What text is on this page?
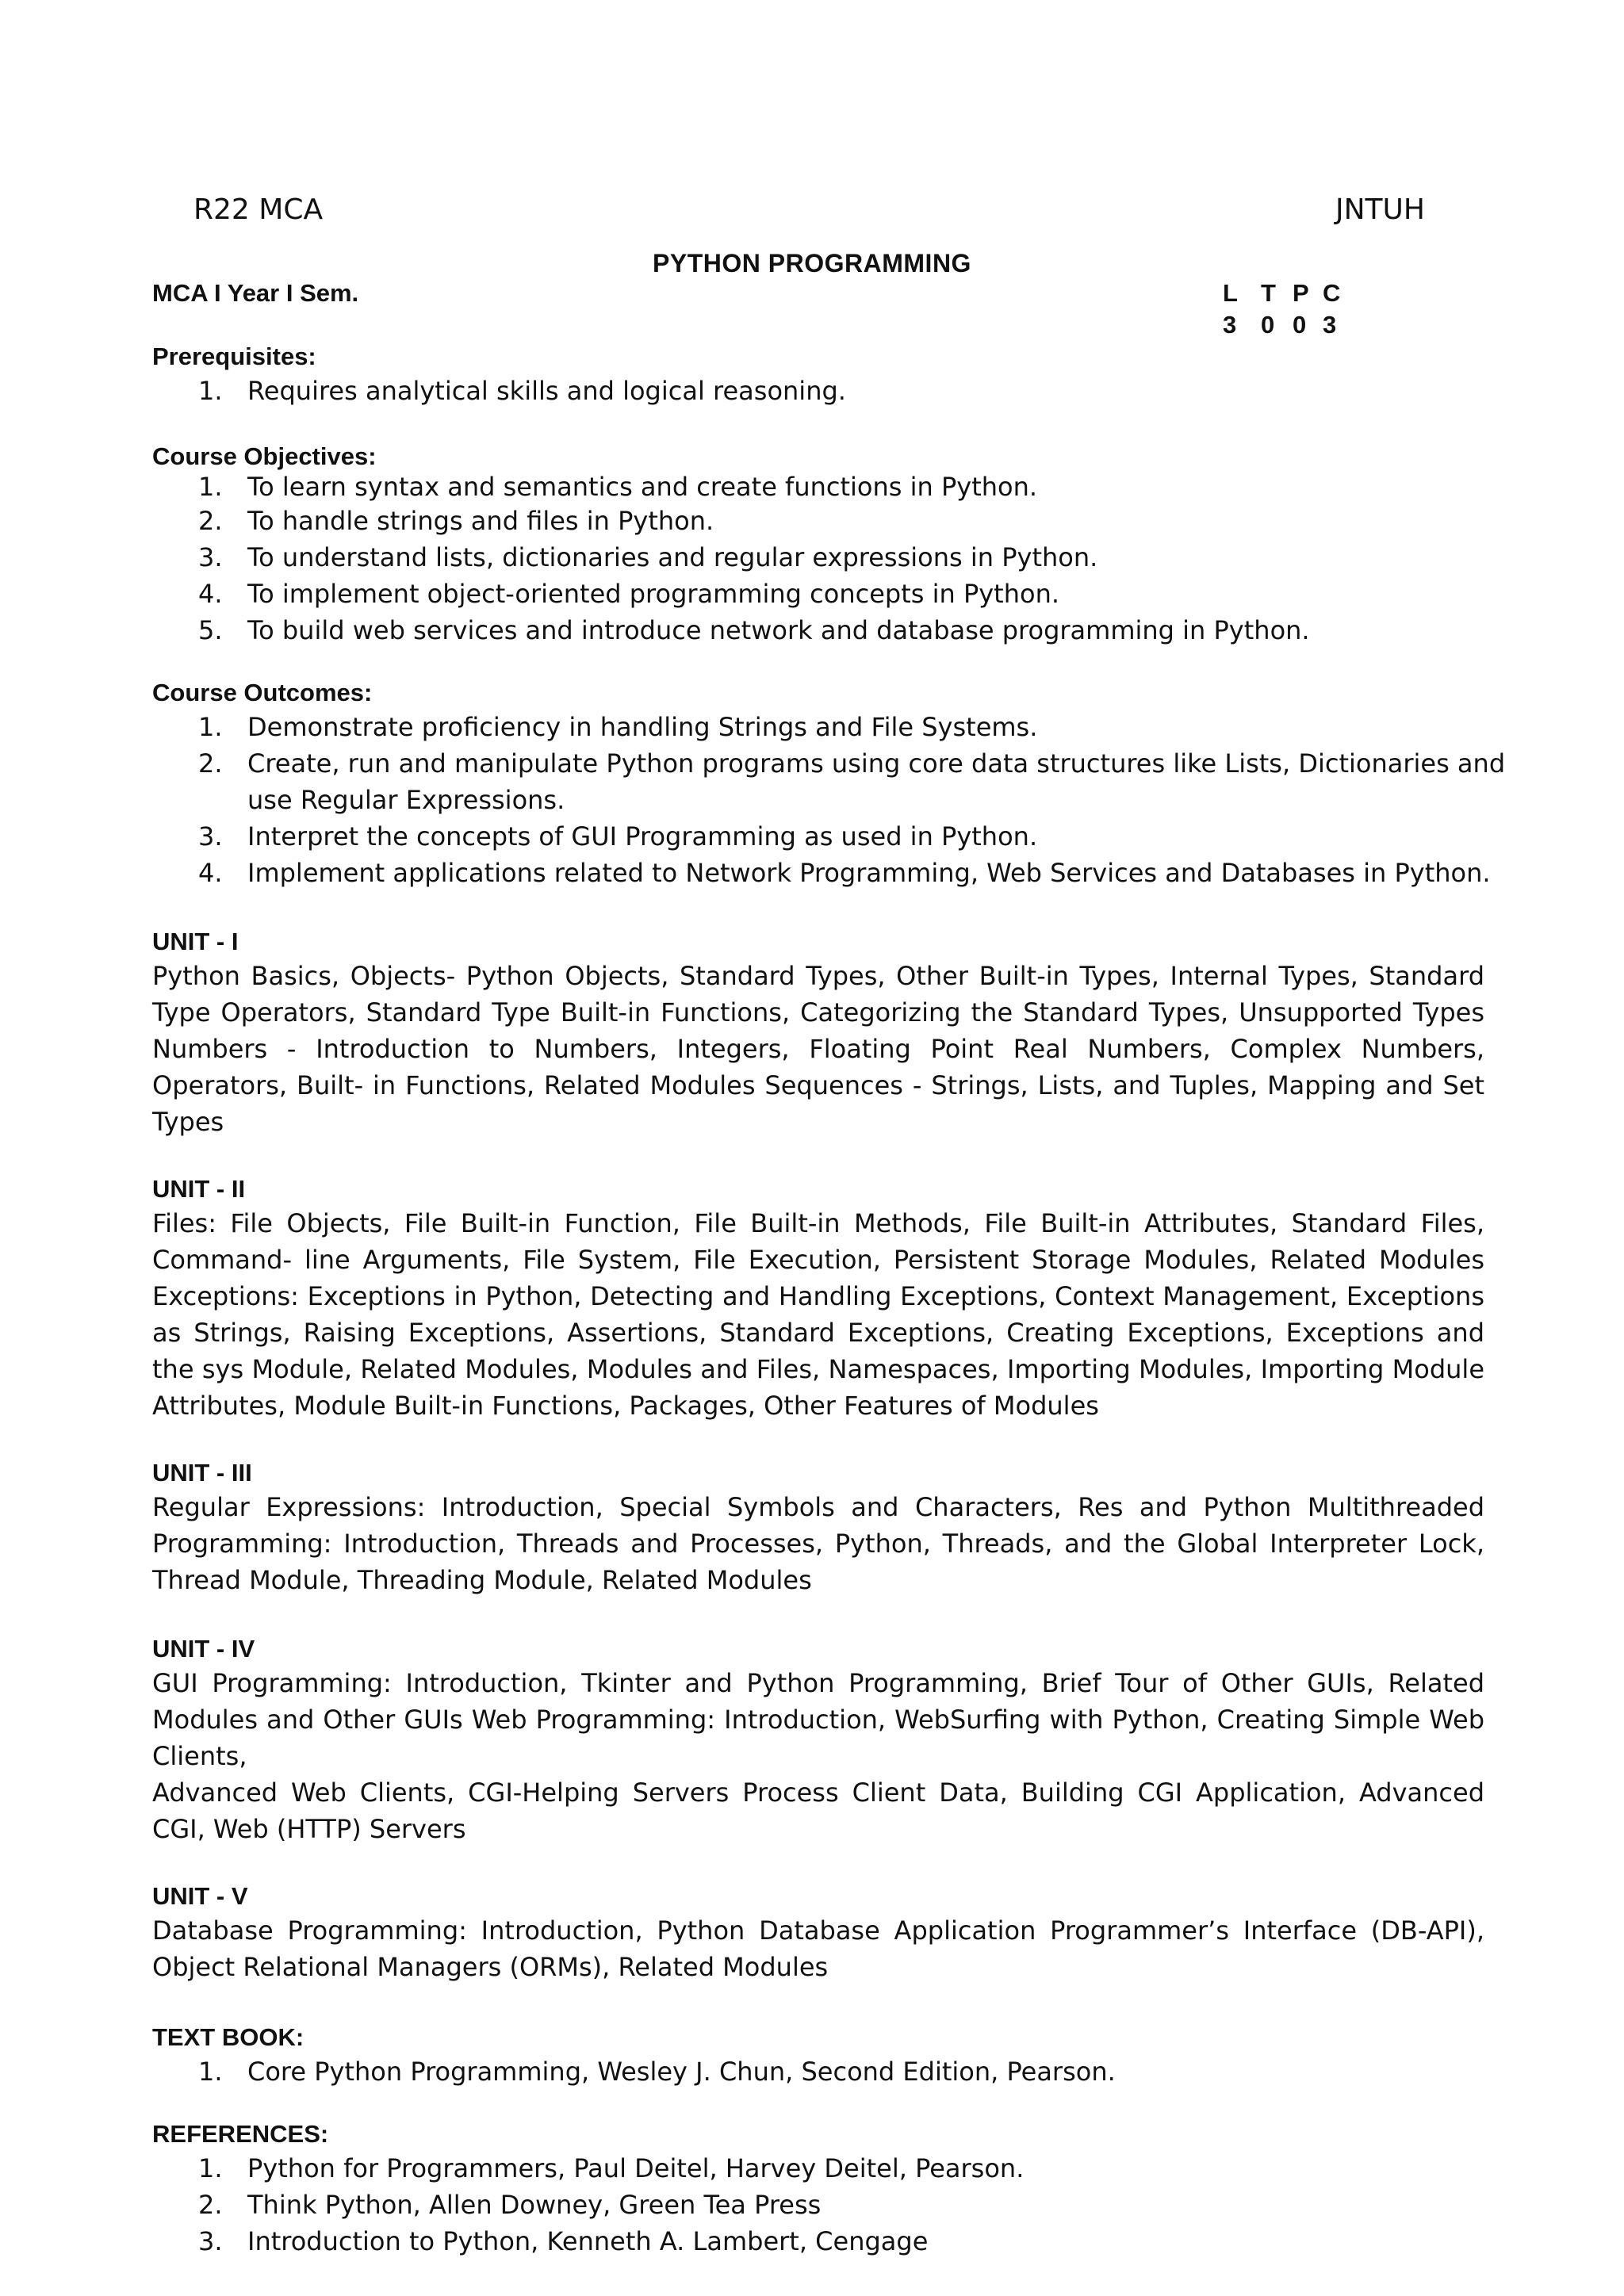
R22 MCA	JNTUH
PYTHON PROGRAMMING
MCA I Year I Sem.	L T P C
3 0 0 3
Prerequisites:
1. Requires analytical skills and logical reasoning.
Course Objectives:
1. To learn syntax and semantics and create functions in Python.
2. To handle strings and files in Python.
3. To understand lists, dictionaries and regular expressions in Python.
4. To implement object-oriented programming concepts in Python.
5. To build web services and introduce network and database programming in Python.
Course Outcomes:
1. Demonstrate proficiency in handling Strings and File Systems.
2. Create, run and manipulate Python programs using core data structures like Lists, Dictionaries and use Regular Expressions.
3. Interpret the concepts of GUI Programming as used in Python.
4. Implement applications related to Network Programming, Web Services and Databases in Python.
UNIT - I

Python Basics, Objects- Python Objects, Standard Types, Other Built-in Types, Internal Types, Standard Type Operators, Standard Type Built-in Functions, Categorizing the Standard Types, Unsupported Types Numbers - Introduction to Numbers, Integers, Floating Point Real Numbers, Complex Numbers, Operators, Built- in Functions, Related Modules Sequences - Strings, Lists, and Tuples, Mapping and Set Types

UNIT - II

Files: File Objects, File Built-in Function, File Built-in Methods, File Built-in Attributes, Standard Files, Command- line Arguments, File System, File Execution, Persistent Storage Modules, Related Modules Exceptions: Exceptions in Python, Detecting and Handling Exceptions, Context Management, Exceptions as Strings, Raising Exceptions, Assertions, Standard Exceptions, Creating Exceptions, Exceptions and the sys Module, Related Modules, Modules and Files, Namespaces, Importing Modules, Importing Module Attributes, Module Built-in Functions, Packages, Other Features of Modules

UNIT - III

Regular Expressions: Introduction, Special Symbols and Characters, Res and Python Multithreaded Programming: Introduction, Threads and Processes, Python, Threads, and the Global Interpreter Lock, Thread Module, Threading Module, Related Modules

UNIT - IV

GUI Programming: Introduction, Tkinter and Python Programming, Brief Tour of Other GUIs, Related Modules and Other GUIs Web Programming: Introduction, WebSurfing with Python, Creating Simple Web Clients,

Advanced Web Clients, CGI-Helping Servers Process Client Data, Building CGI Application, Advanced CGI, Web (HTTP) Servers

UNIT - V

Database Programming: Introduction, Python Database Application Programmer’s Interface (DB-API), Object Relational Managers (ORMs), Related Modules

TEXT BOOK:
1. Core Python Programming, Wesley J. Chun, Second Edition, Pearson.
REFERENCES:
1. Python for Programmers, Paul Deitel, Harvey Deitel, Pearson.
2. Think Python, Allen Downey, Green Tea Press
3. Introduction to Python, Kenneth A. Lambert, Cengage
